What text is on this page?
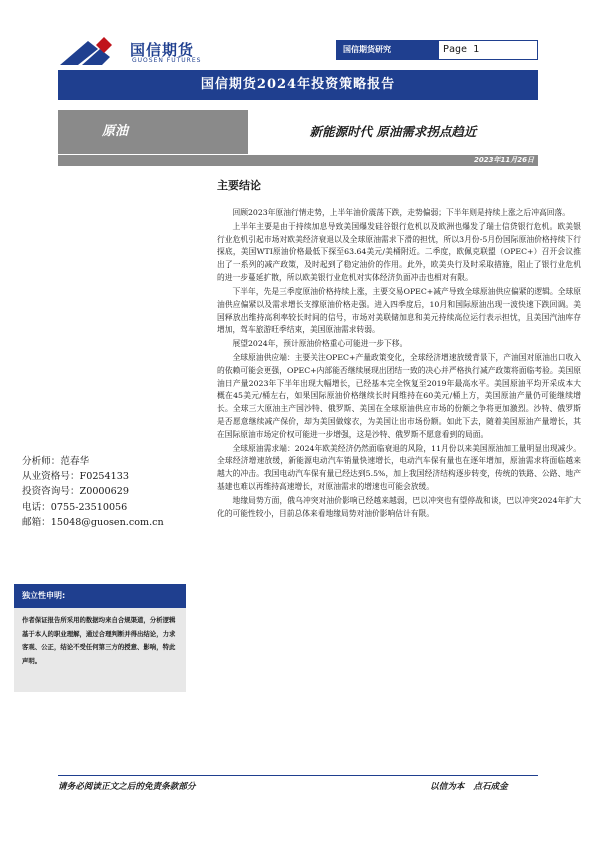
国信期货
GUOSEN FUTURES
国信期货研究	Page 1
国信期货2024年投资策略报告
原油	新能源时代 原油需求拐点趋近
2023年11月26日
主要结论

回顾2023年原油行情走势，上半年油价震荡下跌，走势偏弱；下半年则是持续上涨之后冲高回落。

上半年主要是由于持续加息导致美国爆发硅谷银行危机以及欧洲也爆发了瑞士信贷银行危机。欧美银行业危机引起市场对欧美经济衰退以及全球原油需求下滑的担忧，所以3月份-5月份国际原油价格持续下行探底，美国WTI原油价格最低下探至63.64美元/美桶附近。二季度，欧佩克联盟（OPEC+）召开会议推出了一系列的减产政策，及时起到了稳定油价的作用。此外，欧美央行及时采取措施，阻止了银行业危机的进一步蔓延扩散，所以欧美银行业危机对实体经济负面冲击也相对有限。

下半年，先是三季度原油价格持续上涨，主要交易OPEC+减产导致全球原油供应偏紧的逻辑。全球原油供应偏紧以及需求增长支撑原油价格走强。进入四季度后，10月和国际原油出现一波快速下跌回调。美国释放出维持高利率较长时间的信号，市场对美联储加息和美元持续高位运行表示担忧，且美国汽油库存增加，驾车旅游旺季结束，美国原油需求转弱。

展望2024年，预计原油价格重心可能进一步下移。

全球原油供应端：主要关注OPEC+产量政策变化，全球经济增速放缓背景下，产油国对原油出口收入的依赖可能会更强，OPEC+内部能否继续展现出团结一致的决心并严格执行减产政策将面临考验。美国原油日产量2023年下半年出现大幅增长，已经基本完全恢复至2019年最高水平。美国原油平均开采成本大概在45美元/桶左右，如果国际原油价格继续长时间维持在60美元/桶上方，美国原油产量仍可能继续增长。全球三大原油主产国沙特、俄罗斯、美国在全球原油供应市场的份额之争将更加激烈。沙特、俄罗斯是否愿意继续减产保价，却为美国做嫁衣，为美国让出市场份额。如此下去，随着美国原油产量增长，其在国际原油市场定价权可能进一步增强，这是沙特、俄罗斯不愿意看到的局面。

全球原油需求端：2024年欧美经济仍然面临衰退的风险，11月份以来美国原油加工量明显出现减少。全球经济增速放缓，新能源电动汽车销量快速增长，电动汽车保有量也在逐年增加，原油需求将面临越来越大的冲击。我国电动汽车保有量已经达到5.5%，加上我国经济结构逐步转变，传统的铁路、公路、地产基建也难以再维持高速增长，对原油需求的增速也可能会放缓。

地缘局势方面，俄乌冲突对油价影响已经越来越弱，巴以冲突也有望停战和谈，巴以冲突2024年扩大化的可能性较小，目前总体来看地缘局势对油价影响估计有限。

分析师：范春华
从业资格号：F0254133
投资咨询号：Z0000629
电话：0755-23510056
邮箱：15048@guosen.com.cn
独立性申明:
作者保证报告所采用的数据均来自合规渠道，分析逻辑基于本人的职业理解，通过合理判断并得出结论，力求客观、公正，结论不受任何第三方的授意、影响，特此声明。
请务必阅读正文之后的免责条款部分	以信为本 点石成金
